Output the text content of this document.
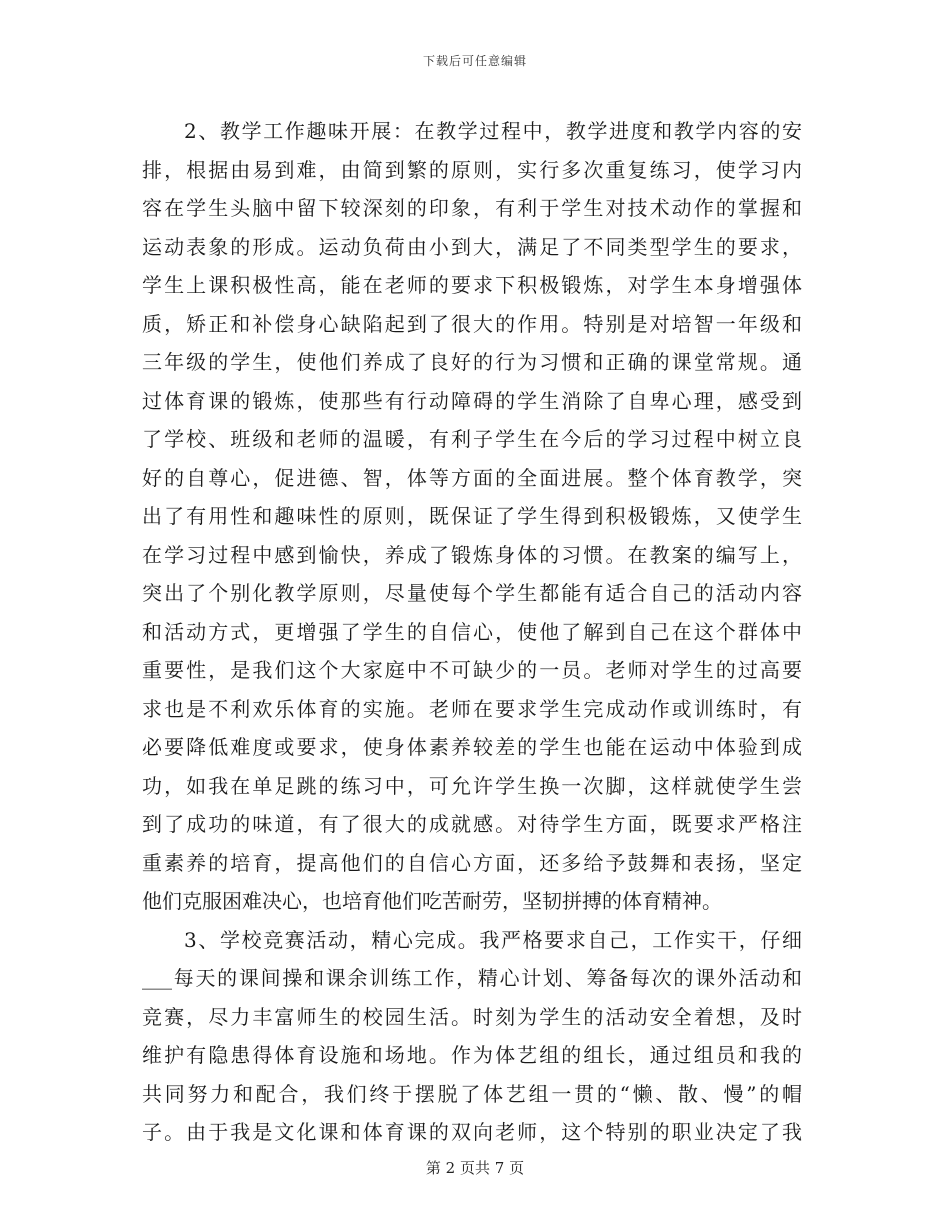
下载后可任意编辑
2、教学工作趣味开展：在教学过程中，教学进度和教学内容的安
排，根据由易到难，由简到繁的原则，实行多次重复练习，使学习内
容在学生头脑中留下较深刻的印象，有利于学生对技术动作的掌握和
运动表象的形成。运动负荷由小到大，满足了不同类型学生的要求，
学生上课积极性高，能在老师的要求下积极锻炼，对学生本身增强体
质，矫正和补偿身心缺陷起到了很大的作用。特别是对培智一年级和
三年级的学生，使他们养成了良好的行为习惯和正确的课堂常规。通
过体育课的锻炼，使那些有行动障碍的学生消除了自卑心理，感受到
了学校、班级和老师的温暖，有利子学生在今后的学习过程中树立良
好的自尊心，促进德、智，体等方面的全面进展。整个体育教学，突
出了有用性和趣味性的原则，既保证了学生得到积极锻炼，又使学生
在学习过程中感到愉快，养成了锻炼身体的习惯。在教案的编写上，
突出了个别化教学原则，尽量使每个学生都能有适合自己的活动内容
和活动方式，更增强了学生的自信心，使他了解到自己在这个群体中
重要性，是我们这个大家庭中不可缺少的一员。老师对学生的过高要
求也是不利欢乐体育的实施。老师在要求学生完成动作或训练时，有
必要降低难度或要求，使身体素养较差的学生也能在运动中体验到成
功，如我在单足跳的练习中，可允许学生换一次脚，这样就使学生尝
到了成功的味道，有了很大的成就感。对待学生方面，既要求严格注
重素养的培育，提高他们的自信心方面，还多给予鼓舞和表扬，坚定
他们克服困难决心，也培育他们吃苦耐劳，坚韧拼搏的体育精神。
3、学校竞赛活动，精心完成。我严格要求自己，工作实干，仔细
___每天的课间操和课余训练工作，精心计划、筹备每次的课外活动和
竞赛，尽力丰富师生的校园生活。时刻为学生的活动安全着想，及时
维护有隐患得体育设施和场地。作为体艺组的组长，通过组员和我的
共同努力和配合，我们终于摆脱了体艺组一贯的“懒、散、慢”的帽
子。由于我是文化课和体育课的双向老师，这个特别的职业决定了我
第 2 页共 7 页
